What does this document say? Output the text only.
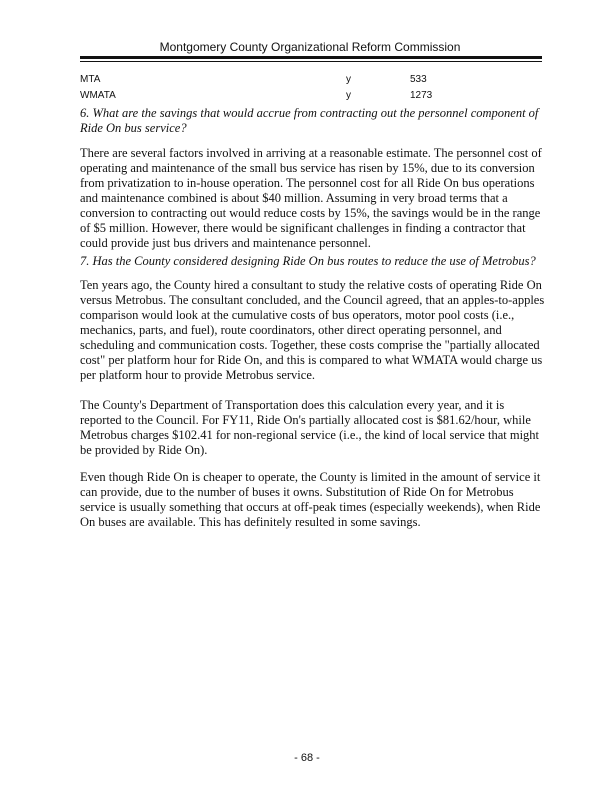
Montgomery County Organizational Reform Commission
MTA	y	533
WMATA	y	1273

6. What are the savings that would accrue from contracting out the personnel component of Ride On bus service?

There are several factors involved in arriving at a reasonable estimate. The personnel cost of operating and maintenance of the small bus service has risen by 15%, due to its conversion from privatization to in-house operation. The personnel cost for all Ride On bus operations and maintenance combined is about $40 million. Assuming in very broad terms that a conversion to contracting out would reduce costs by 15%, the savings would be in the range of $5 million. However, there would be significant challenges in finding a contractor that could provide just bus drivers and maintenance personnel.

7. Has the County considered designing Ride On bus routes to reduce the use of Metrobus?

Ten years ago, the County hired a consultant to study the relative costs of operating Ride On versus Metrobus. The consultant concluded, and the Council agreed, that an apples-to-apples comparison would look at the cumulative costs of bus operators, motor pool costs (i.e., mechanics, parts, and fuel), route coordinators, other direct operating personnel, and scheduling and communication costs. Together, these costs comprise the "partially allocated cost" per platform hour for Ride On, and this is compared to what WMATA would charge us per platform hour to provide Metrobus service.

The County's Department of Transportation does this calculation every year, and it is reported to the Council. For FY11, Ride On's partially allocated cost is $81.62/hour, while Metrobus charges $102.41 for non-regional service (i.e., the kind of local service that might be provided by Ride On).

Even though Ride On is cheaper to operate, the County is limited in the amount of service it can provide, due to the number of buses it owns. Substitution of Ride On for Metrobus service is usually something that occurs at off-peak times (especially weekends), when Ride On buses are available. This has definitely resulted in some savings.

- 68 -
